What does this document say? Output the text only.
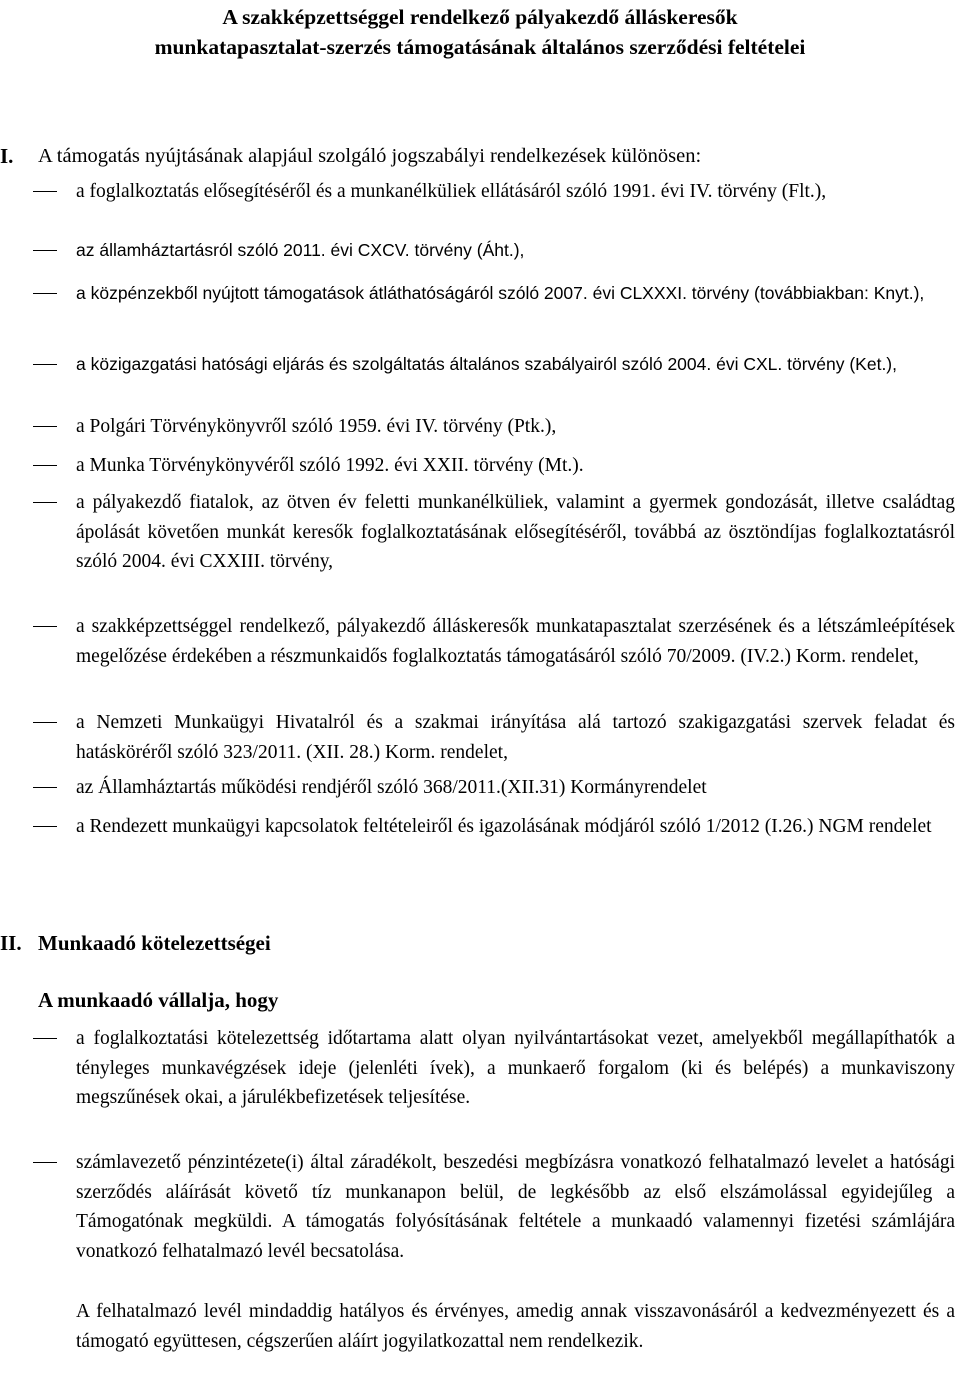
A szakképzettséggel rendelkező pályakezdő álláskeresők
munkatapasztalat-szerzés támogatásának általános szerződési feltételei
I. A támogatás nyújtásának alapjául szolgáló jogszabályi rendelkezések különösen:
a foglalkoztatás elősegítéséről és a munkanélküliek ellátásáról szóló 1991. évi IV. törvény (Flt.),
az államháztartásról szóló 2011. évi CXCV. törvény (Áht.),
a közpénzekből nyújtott támogatások átláthatóságáról szóló 2007. évi CLXXXI. törvény (továbbiakban: Knyt.),
a közigazgatási hatósági eljárás és szolgáltatás általános szabályairól szóló 2004. évi CXL. törvény (Ket.),
a Polgári Törvénykönyvről szóló 1959. évi IV. törvény (Ptk.),
a Munka Törvénykönyvéről szóló 1992. évi XXII. törvény (Mt.).
a pályakezdő fiatalok, az ötven év feletti munkanélküliek, valamint a gyermek gondozását, illetve családtag ápolását követően munkát keresők foglalkoztatásának elősegítéséről, továbbá az ösztöndíjas foglalkoztatásról szóló 2004. évi CXXIII. törvény,
a szakképzettséggel rendelkező, pályakezdő álláskeresők munkatapasztalat szerzésének és a létszámleépítések megelőzése érdekében a részmunkaidős foglalkoztatás támogatásáról szóló 70/2009. (IV.2.) Korm. rendelet,
a Nemzeti Munkaügyi Hivatalról és a szakmai irányítása alá tartozó szakigazgatási szervek feladat és hatásköréről szóló 323/2011. (XII. 28.) Korm. rendelet,
az Államháztartás működési rendjéről szóló 368/2011.(XII.31) Kormányrendelet
a Rendezett munkaügyi kapcsolatok feltételeiről és igazolásának módjáról szóló 1/2012 (I.26.) NGM rendelet
II. Munkaadó kötelezettségei
A munkaadó vállalja, hogy
a foglalkoztatási kötelezettség időtartama alatt olyan nyilvántartásokat vezet, amelyekből megállapíthatók a tényleges munkavégzések ideje (jelenléti ívek), a munkaerő forgalom (ki és belépés) a munkaviszony megszűnések okai, a járulékbefizetések teljesítése.
számlavezető pénzintézete(i) által záradékolt, beszedési megbízásra vonatkozó felhatalmazó levelet a hatósági szerződés aláírását követő tíz munkanapon belül, de legkésőbb az első elszámolással egyidejűleg a Támogatónak megküldi. A támogatás folyósításának feltétele a munkaadó valamennyi fizetési számlájára vonatkozó felhatalmazó levél becsatolása.
A felhatalmazó levél mindaddig hatályos és érvényes, amedig annak visszavonásáról a kedvezményezett és a támogató együttesen, cégszerűen aláírt jogyilatkozattal nem rendelkezik.
